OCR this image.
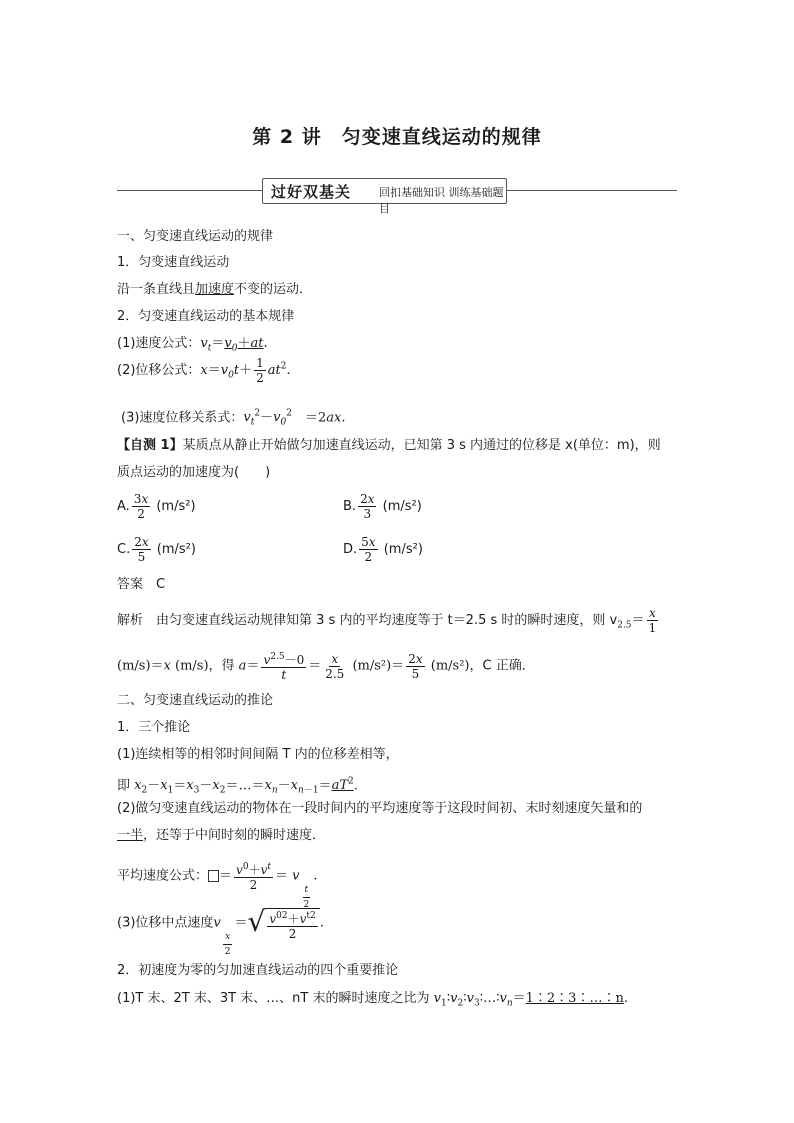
第 2 讲　匀变速直线运动的规律
过好双基关	回扣基础知识 训练基础题目
一、匀变速直线运动的规律
1．匀变速直线运动
沿一条直线且加速度不变的运动．
2．匀变速直线运动的基本规律
(1)速度公式：$v_t=v_0+at$.
(2)位移公式：$x=v_0t+ \frac{1}{2} at^2$.
(3)速度位移关系式：$v_t^2-v_0^2$　＝2ax.
【自测 1】某质点从静止开始做匀加速直线运动，已知第 3 s 内通过的位移是 x(单位：m)，则
质点运动的加速度为(　　)
A. $\frac{3x}{2} (m/s^2)$	B. $\frac{2x}{3} (m/s^2)$
C. $\frac{2x}{5} (m/s^2)$	D. $\frac{5x}{2} (m/s^2)$
答案　C
解析　由匀变速直线运动规律知第 3 s 内的平均速度等于 t＝2.5 s 时的瞬时速度，则 $v_{2.5}= \frac{x}{1}$
(m/s)＝x (m/s)，得 $a= \frac{v^{2.5}-0}{t} = \frac{x}{2.5} (m/s^2)= \frac{2x}{5} (m/s^2)$，C 正确．
二、匀变速直线运动的推论
1．三个推论
(1)连续相等的相邻时间间隔 T 内的位移差相等，
即 $x_2-x_1=x_3-x_2=\dots=x_n-x_{n-1}=aT^2$.
(2)做匀变速直线运动的物体在一段时间内的平均速度等于这段时间初、末时刻速度矢量和的
一半，还等于中间时刻的瞬时速度．
平均速度公式： ＝ $\frac{v^0+v^t}{2} = v$
$\frac{t}{2}$
.
(3)位移中点速度v
$\frac{x}{2}$
＝ √ $\frac{v^{02}+v^{t2}}{2}$ .
2．初速度为零的匀加速直线运动的四个重要推论
(1)T 末、2T 末、3T 末、…、nT 末的瞬时速度之比为 $v_1∶v_2∶v_3∶\dots∶v_n=1∶2∶3∶\dots∶n$.
